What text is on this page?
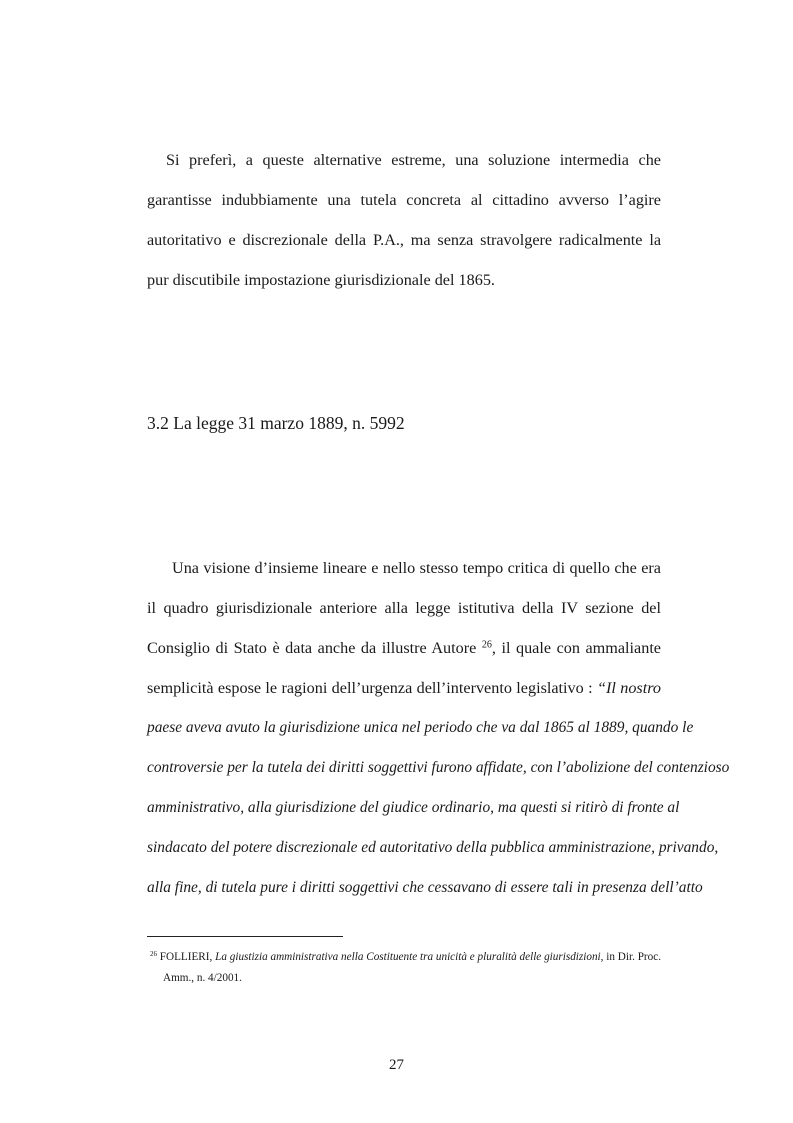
Si preferì, a queste alternative estreme, una soluzione intermedia che
garantisse indubbiamente una tutela concreta al cittadino avverso l’agire
autoritativo e discrezionale della P.A., ma senza stravolgere radicalmente la
pur discutibile impostazione giurisdizionale del 1865.
3.2 La legge 31 marzo 1889, n. 5992
Una visione d’insieme lineare e nello stesso tempo critica di quello che era
il quadro giurisdizionale anteriore alla legge istitutiva della IV sezione del
Consiglio di Stato è data anche da illustre Autore $^{26}$, il quale con ammaliante
semplicità espose le ragioni dell’urgenza dell’intervento legislativo : “Il nostro
paese aveva avuto la giurisdizione unica nel periodo che va dal 1865 al 1889, quando le
controversie per la tutela dei diritti soggettivi furono affidate, con l’abolizione del contenzioso
amministrativo, alla giurisdizione del giudice ordinario, ma questi si ritirò di fronte al
sindacato del potere discrezionale ed autoritativo della pubblica amministrazione, privando,
alla fine, di tutela pure i diritti soggettivi che cessavano di essere tali in presenza dell’atto
$^{26}$ FOLLIERI, La giustizia amministrativa nella Costituente tra unicità e pluralità delle giurisdizioni, in Dir. Proc.
Amm., n. 4/2001.
27
